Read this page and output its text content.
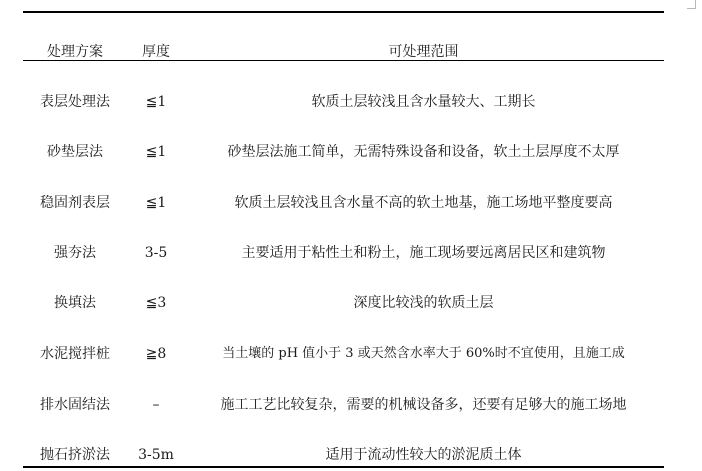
处理方案	厚度	可处理范围
表层处理法	≦1	软质土层较浅且含水量较大、工期长
砂垫层法	≦1	砂垫层法施工简单，无需特殊设备和设备，软土土层厚度不太厚
稳固剂表层	≦1	软质土层较浅且含水量不高的软土地基，施工场地平整度要高
强夯法	3-5	主要适用于粘性土和粉土，施工现场要远离居民区和建筑物
换填法	≦3	深度比较浅的软质土层
水泥搅拌桩	≧8	当土壤的 pH 值小于 3 或天然含水率大于 60%时不宜使用，且施工成
排水固结法	–	施工工艺比较复杂，需要的机械设备多，还要有足够大的施工场地
抛石挤淤法	3-5m	适用于流动性较大的淤泥质土体
